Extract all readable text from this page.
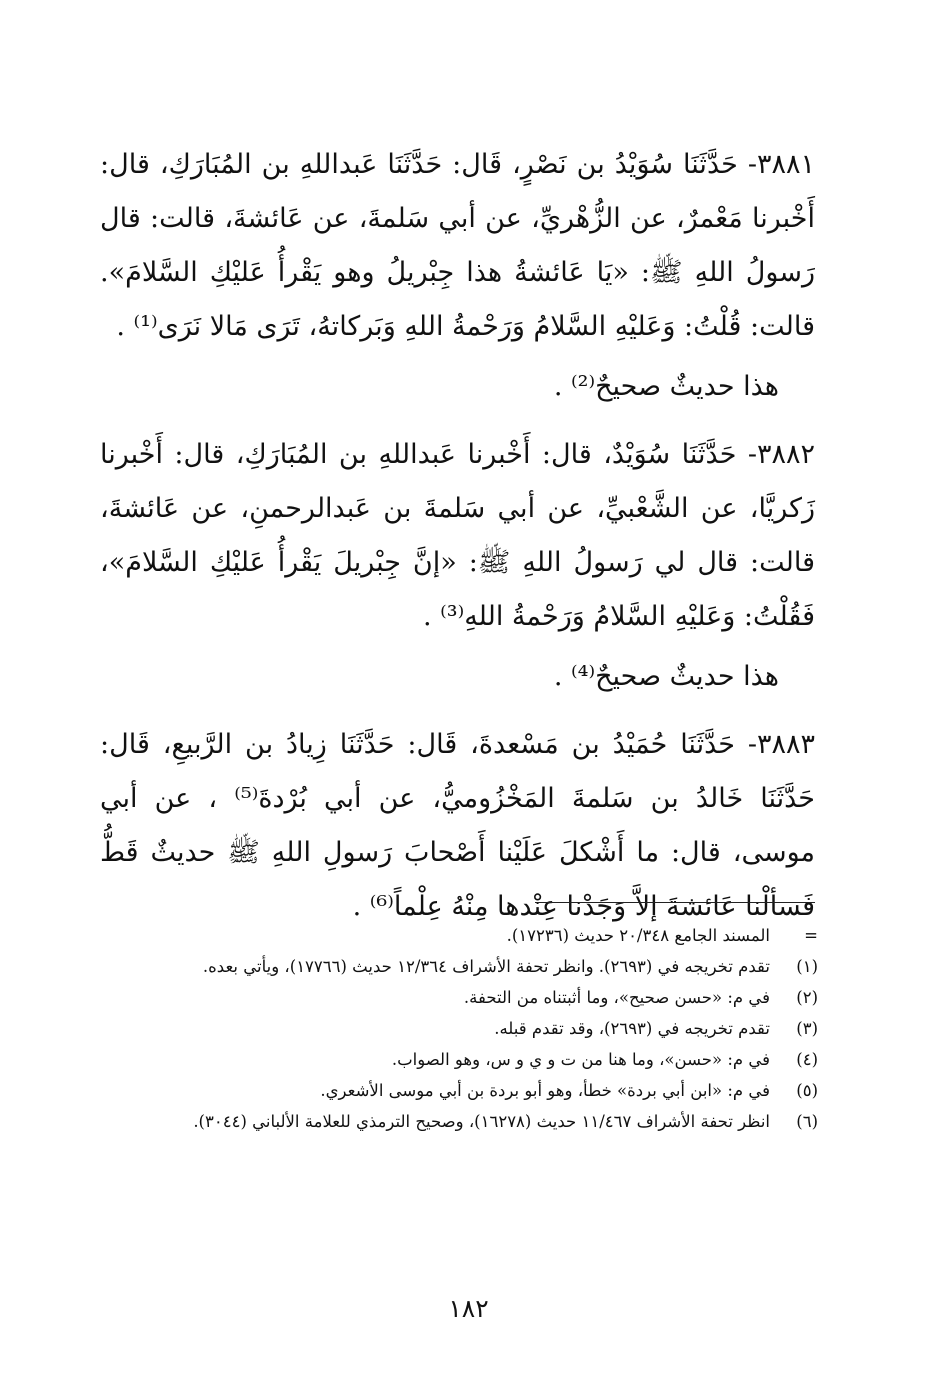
٣٨٨١- حَدَّثَنَا سُوَيْدُ بن نَصْرٍ، قَال: حَدَّثَنَا عَبداللهِ بن المُبَارَكِ، قال: أَخْبرنا مَعْمرٌ، عن الزُّهْريِّ، عن أبي سَلمةَ، عن عَائشةَ، قالت: قال رَسولُ اللهِ ﷺ: «يَا عَائشةُ هذا جِبْريلُ وهو يَقْرأُ عَليْكِ السَّلامَ». قالت: قُلْتُ: وَعَليْهِ السَّلامُ وَرَحْمةُ اللهِ وَبَركاتهُ، تَرَى مَالا نَرَى⁽¹⁾ .

هذا حديثٌ صحيحٌ⁽²⁾ .

٣٨٨٢- حَدَّثَنَا سُوَيْدٌ، قال: أَخْبرنا عَبداللهِ بن المُبَارَكِ، قال: أَخْبرنا زَكريَّا، عن الشَّعْبيِّ، عن أبي سَلمةَ بن عَبدالرحمنِ، عن عَائشةَ، قالت: قال لي رَسولُ اللهِ ﷺ: «إنَّ جِبْريلَ يَقْرأُ عَليْكِ السَّلامَ»، فَقُلْتُ: وَعَليْهِ السَّلامُ وَرَحْمةُ اللهِ⁽³⁾ .

هذا حديثٌ صحيحٌ⁽⁴⁾ .

٣٨٨٣- حَدَّثَنَا حُمَيْدُ بن مَسْعدةَ، قَال: حَدَّثَنَا زِيادُ بن الرَّبيعِ، قَال: حَدَّثَنَا خَالدُ بن سَلمةَ المَخْزُوميُّ، عن أبي بُرْدةَ⁽⁵⁾ ، عن أبي موسى، قال: ما أَشْكلَ عَلَيْنا أَصْحابَ رَسولِ اللهِ ﷺ حديثٌ قَطُّ فَسألْنا عَائشةَ إلاَّ وَجَدْنا عِنْدها مِنْهُ عِلْماً⁽⁶⁾ .

=
المسند الجامع ٢٠/٣٤٨ حديث (١٧٢٣٦).
(١)
تقدم تخريجه في (٢٦٩٣). وانظر تحفة الأشراف ١٢/٣٦٤ حديث (١٧٧٦٦)، ويأتي بعده.
(٢)
في م: «حسن صحيح»، وما أثبتناه من التحفة.
(٣)
تقدم تخريجه في (٢٦٩٣)، وقد تقدم قبله.
(٤)
في م: «حسن»، وما هنا من ت و ي و س، وهو الصواب.
(٥)
في م: «ابن أبي بردة» خطأ، وهو أبو بردة بن أبي موسى الأشعري.
(٦)
انظر تحفة الأشراف ١١/٤٦٧ حديث (١٦٢٧٨)، وصحيح الترمذي للعلامة الألباني (٣٠٤٤).
١٨٢
